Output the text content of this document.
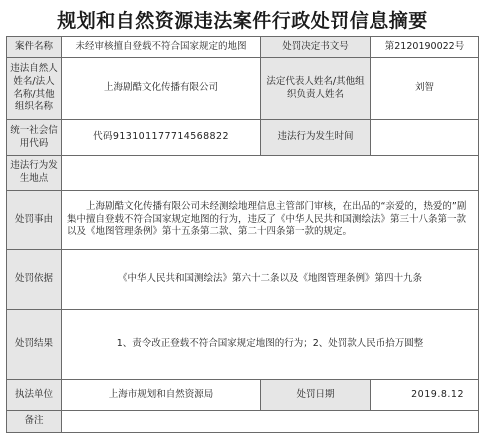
规划和自然资源违法案件行政处罚信息摘要
案件名称	未经审核擅自登载不符合国家规定的地图	处罚决定书文号	第2120190022号
违法自然人姓名/法人名称/其他组织名称	上海剧酷文化传播有限公司	法定代表人姓名/其他组织负责人姓名	刘智
统一社会信用代码	代码913101177714568822	违法行为发生时间	
违法行为发生地点			
处罚事由	上海剧酷文化传播有限公司未经测绘地理信息主管部门审核，在出品的“亲爱的，热爱的”剧集中擅自登载不符合国家规定地图的行为，违反了《中华人民共和国测绘法》第三十八条第一款以及《地图管理条例》第十五条第二款、第二十四条第一款的规定。		
处罚依据	《中华人民共和国测绘法》第六十二条以及《地图管理条例》第四十九条		
处罚结果	1、责令改正登载不符合国家规定地图的行为；2、处罚款人民币拾万圆整		
执法单位	上海市规划和自然资源局	处罚日期	2019.8.12
备注			
